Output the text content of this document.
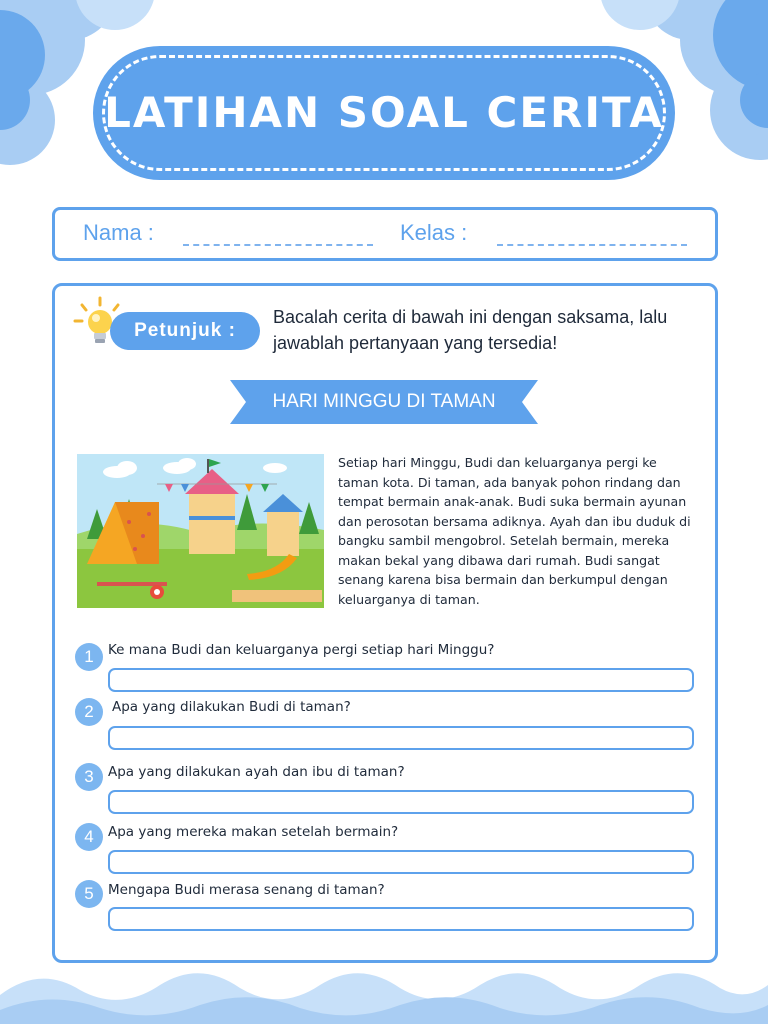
LATIHAN SOAL CERITA
Nama :	Kelas :
Petunjuk :
Bacalah cerita di bawah ini dengan saksama, lalu jawablah pertanyaan yang tersedia!
HARI MINGGU DI TAMAN
Setiap hari Minggu, Budi dan keluarganya pergi ke taman kota. Di taman, ada banyak pohon rindang dan tempat bermain anak-anak. Budi suka bermain ayunan dan perosotan bersama adiknya. Ayah dan ibu duduk di bangku sambil mengobrol. Setelah bermain, mereka makan bekal yang dibawa dari rumah. Budi sangat senang karena bisa bermain dan berkumpul dengan keluarganya di taman.
1	Ke mana Budi dan keluarganya pergi setiap hari Minggu?
2	Apa yang dilakukan Budi di taman?
3	Apa yang dilakukan ayah dan ibu di taman?
4	Apa yang mereka makan setelah bermain?
5	Mengapa Budi merasa senang di taman?
